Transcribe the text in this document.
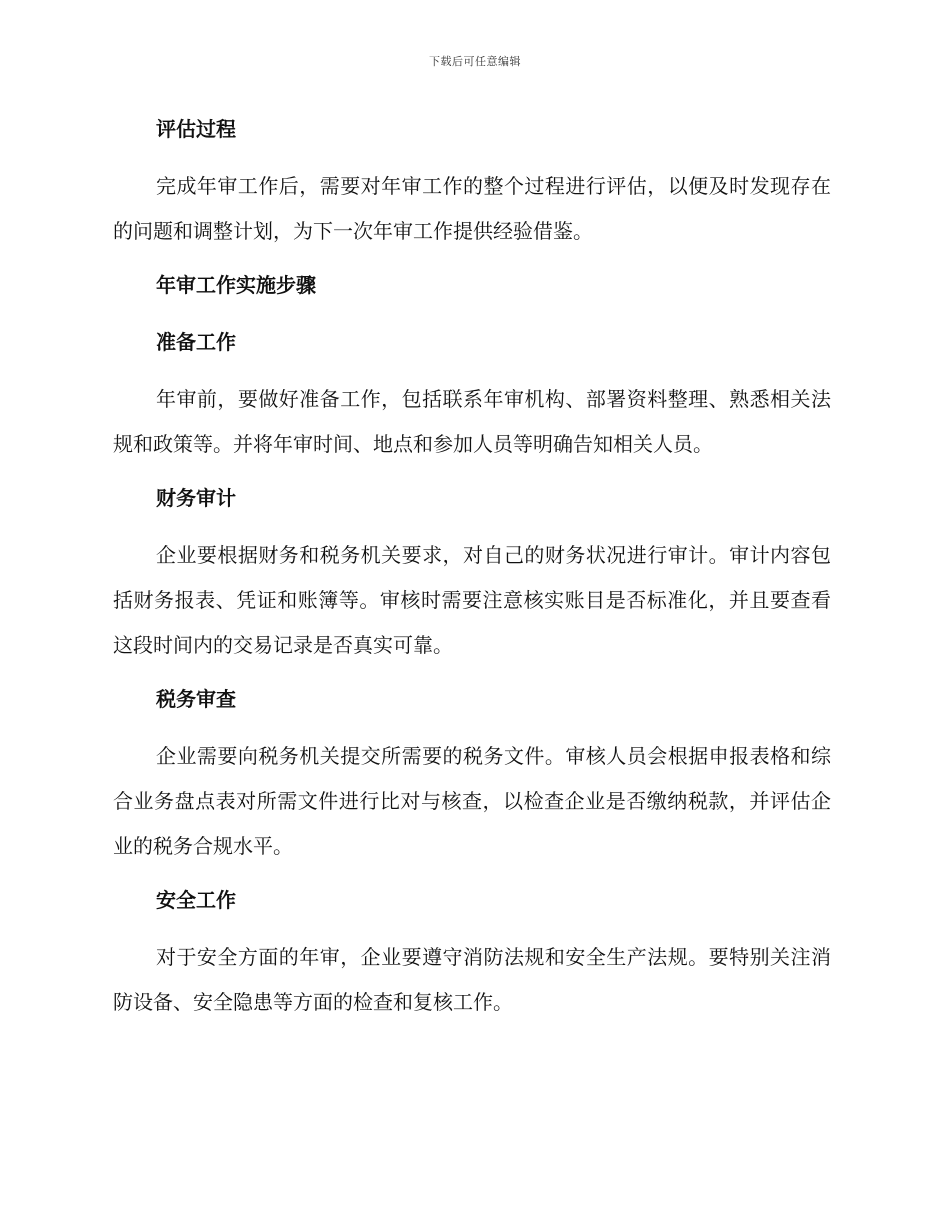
下载后可任意编辑
评估过程
完成年审工作后，需要对年审工作的整个过程进行评估，以便及时发现存在的问题和调整计划，为下一次年审工作提供经验借鉴。
年审工作实施步骤
准备工作
年审前，要做好准备工作，包括联系年审机构、部署资料整理、熟悉相关法规和政策等。并将年审时间、地点和参加人员等明确告知相关人员。
财务审计
企业要根据财务和税务机关要求，对自己的财务状况进行审计。审计内容包括财务报表、凭证和账簿等。审核时需要注意核实账目是否标准化，并且要查看这段时间内的交易记录是否真实可靠。
税务审查
企业需要向税务机关提交所需要的税务文件。审核人员会根据申报表格和综合业务盘点表对所需文件进行比对与核查，以检查企业是否缴纳税款，并评估企业的税务合规水平。
安全工作
对于安全方面的年审，企业要遵守消防法规和安全生产法规。要特别关注消防设备、安全隐患等方面的检查和复核工作。
